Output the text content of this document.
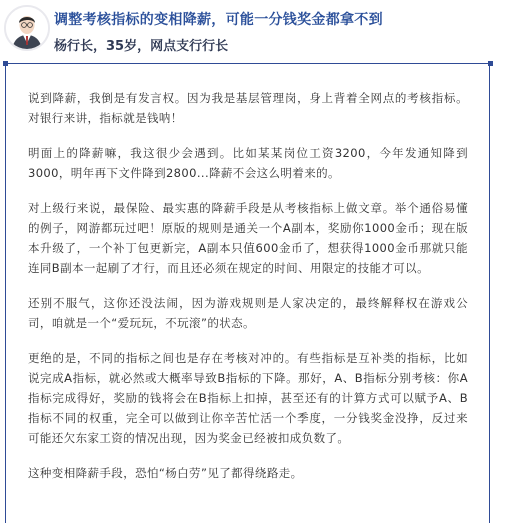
调整考核指标的变相降薪，可能一分钱奖金都拿不到
杨行长，35岁，网点支行行长

说到降薪，我倒是有发言权。因为我是基层管理岗，身上背着全网点的考核指标。对银行来讲，指标就是钱呐！

明面上的降薪嘛，我这很少会遇到。比如某某岗位工资3200，今年发通知降到3000，明年再下文件降到2800...降薪不会这么明着来的。

对上级行来说，最保险、最实惠的降薪手段是从考核指标上做文章。举个通俗易懂的例子，网游都玩过吧！原版的规则是通关一个A副本，奖励你1000金币；现在版本升级了，一个补丁包更新完，A副本只值600金币了，想获得1000金币那就只能连同B副本一起刷了才行，而且还必须在规定的时间、用限定的技能才可以。

还别不服气，这你还没法闹，因为游戏规则是人家决定的，最终解释权在游戏公司，咱就是一个“爱玩玩，不玩滚”的状态。

更绝的是，不同的指标之间也是存在考核对冲的。有些指标是互补类的指标，比如说完成A指标，就必然或大概率导致B指标的下降。那好，A、B指标分别考核：你A指标完成得好，奖励的钱将会在B指标上扣掉，甚至还有的计算方式可以赋予A、B指标不同的权重，完全可以做到让你辛苦忙活一个季度，一分钱奖金没挣，反过来可能还欠东家工资的情况出现，因为奖金已经被扣成负数了。

这种变相降薪手段，恐怕“杨白劳”见了都得绕路走。
